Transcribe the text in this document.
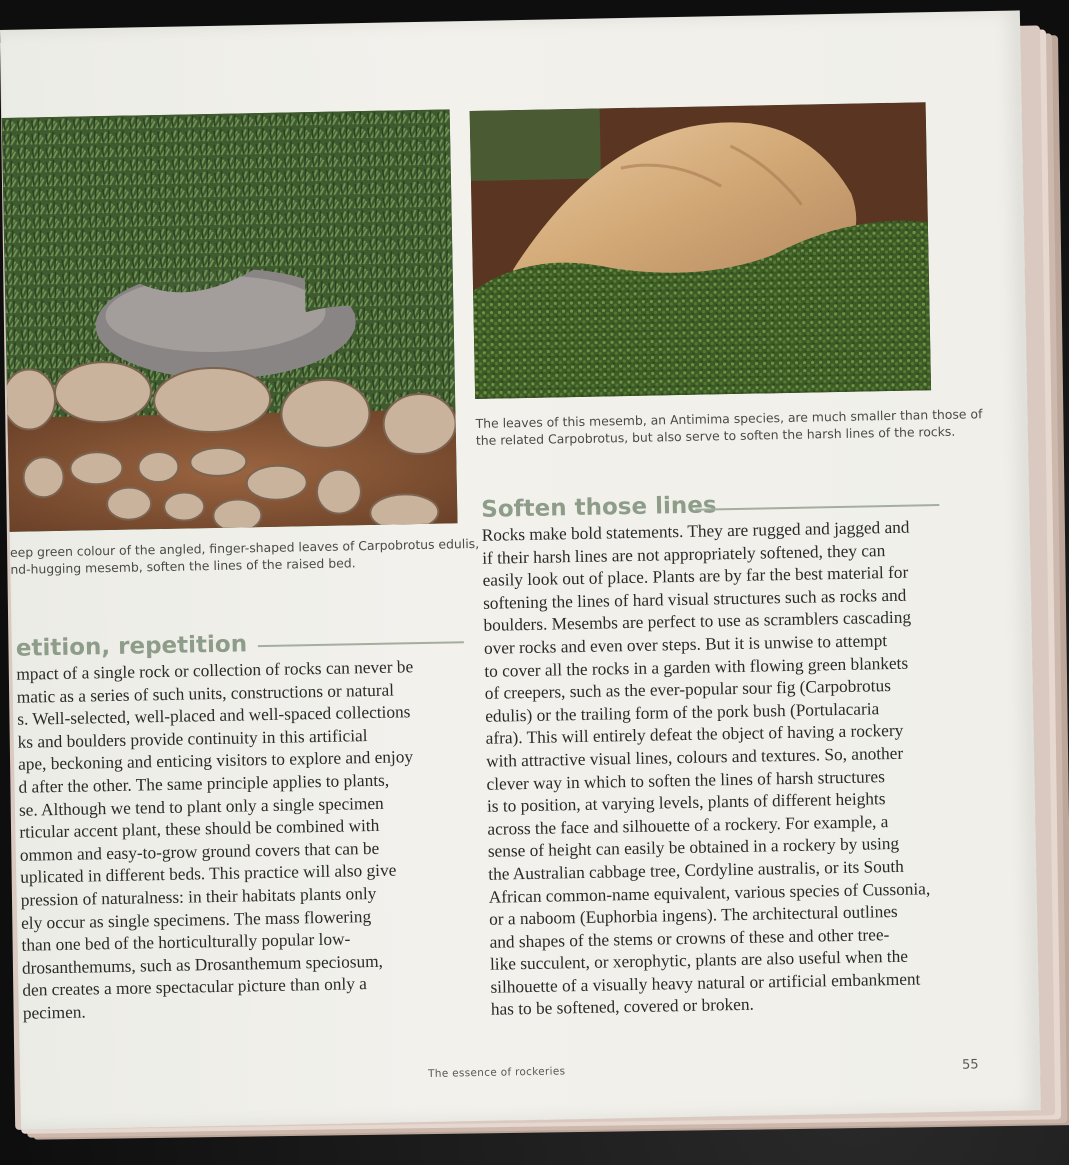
The leaves of this mesemb, an Antimima species, are much smaller than those of
the related Carpobrotus, but also serve to soften the harsh lines of the rocks.
eep green colour of the angled, finger-shaped leaves of Carpobrotus edulis,
nd-hugging mesemb, soften the lines of the raised bed.
Soften those lines
etition, repetition
Rocks make bold statements. They are rugged and jagged and
if their harsh lines are not appropriately softened, they can
easily look out of place. Plants are by far the best material for
softening the lines of hard visual structures such as rocks and
boulders. Mesembs are perfect to use as scramblers cascading
over rocks and even over steps. But it is unwise to attempt
to cover all the rocks in a garden with flowing green blankets
of creepers, such as the ever-popular sour fig (Carpobrotus
edulis) or the trailing form of the pork bush (Portulacaria
afra). This will entirely defeat the object of having a rockery
with attractive visual lines, colours and textures. So, another
clever way in which to soften the lines of harsh structures
is to position, at varying levels, plants of different heights
across the face and silhouette of a rockery. For example, a
sense of height can easily be obtained in a rockery by using
the Australian cabbage tree, Cordyline australis, or its South
African common-name equivalent, various species of Cussonia,
or a naboom (Euphorbia ingens). The architectural outlines
and shapes of the stems or crowns of these and other tree-
like succulent, or xerophytic, plants are also useful when the
silhouette of a visually heavy natural or artificial embankment
has to be softened, covered or broken.
mpact of a single rock or collection of rocks can never be
matic as a series of such units, constructions or natural
s. Well-selected, well-placed and well-spaced collections
ks and boulders provide continuity in this artificial
ape, beckoning and enticing visitors to explore and enjoy
d after the other. The same principle applies to plants,
se. Although we tend to plant only a single specimen
rticular accent plant, these should be combined with
ommon and easy-to-grow ground covers that can be
uplicated in different beds. This practice will also give
pression of naturalness: in their habitats plants only
ely occur as single specimens. The mass flowering
than one bed of the horticulturally popular low-
drosanthemums, such as Drosanthemum speciosum,
den creates a more spectacular picture than only a
pecimen.
The essence of rockeries	55
